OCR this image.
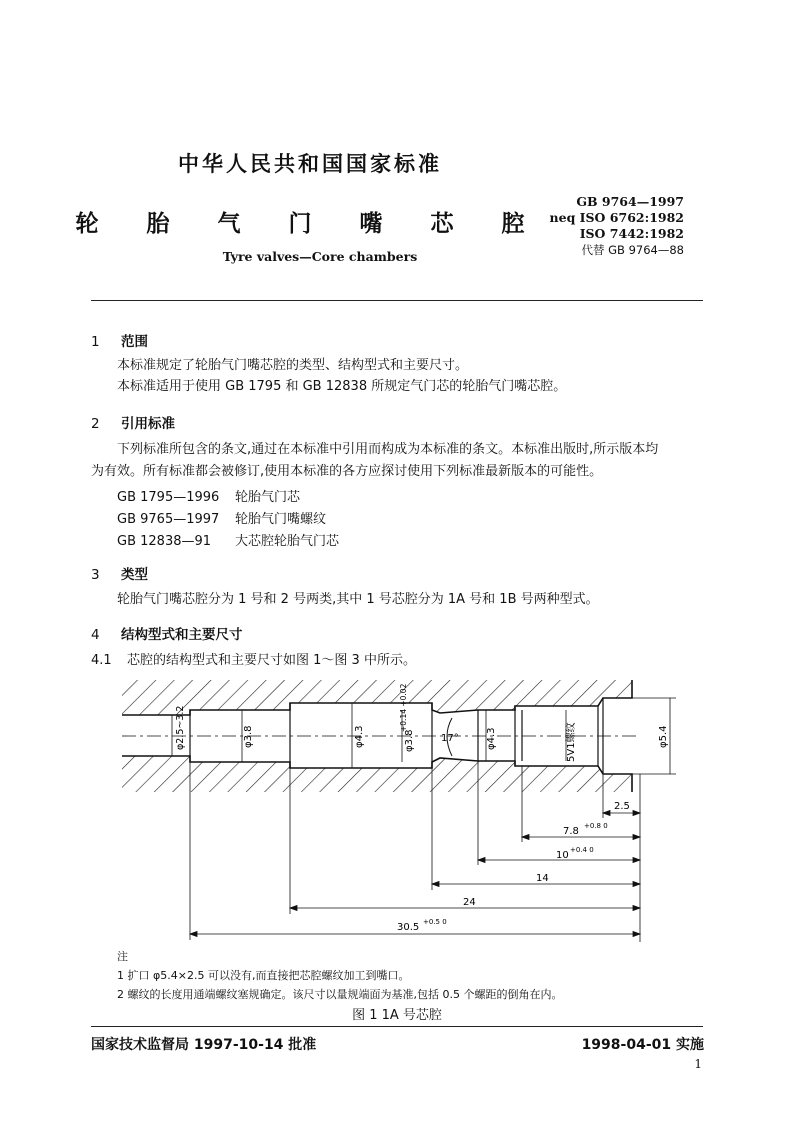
中华人民共和国国家标准
轮 胎 气 门 嘴 芯 腔
Tyre valves—Core chambers
GB 9764—1997
neq ISO 6762:1982
ISO 7442:1982
代替 GB 9764—88
1 范围
本标准规定了轮胎气门嘴芯腔的类型、结构型式和主要尺寸。
本标准适用于使用 GB 1795 和 GB 12838 所规定气门芯的轮胎气门嘴芯腔。
2 引用标准
下列标准所包含的条文,通过在本标准中引用而构成为本标准的条文。本标准出版时,所示版本均
为有效。所有标准都会被修订,使用本标准的各方应探讨使用下列标准最新版本的可能性。
GB 1795—1996 轮胎气门芯
GB 9765—1997 轮胎气门嘴螺纹
GB 12838—91 大芯腔轮胎气门芯
3 类型
轮胎气门嘴芯腔分为 1 号和 2 号两类,其中 1 号芯腔分为 1A 号和 1B 号两种型式。
4 结构型式和主要尺寸
4.1 芯腔的结构型式和主要尺寸如图 1～图 3 中所示。
φ2.5~3.2	φ3.8	φ4.3	φ3.8
+0.14 +0.02
17°	φ4.3	5V1螺纹	φ5.4
2.5
7.8 +0.8 0
10 +0.4 0
14
24
30.5 +0.5 0
注
1 扩口 φ5.4×2.5 可以没有,而直接把芯腔螺纹加工到嘴口。
2 螺纹的长度用通端螺纹塞规确定。该尺寸以量规端面为基准,包括 0.5 个螺距的倒角在内。
图 1 1A 号芯腔
国家技术监督局 1997-10-14 批准	1998-04-01 实施
1
